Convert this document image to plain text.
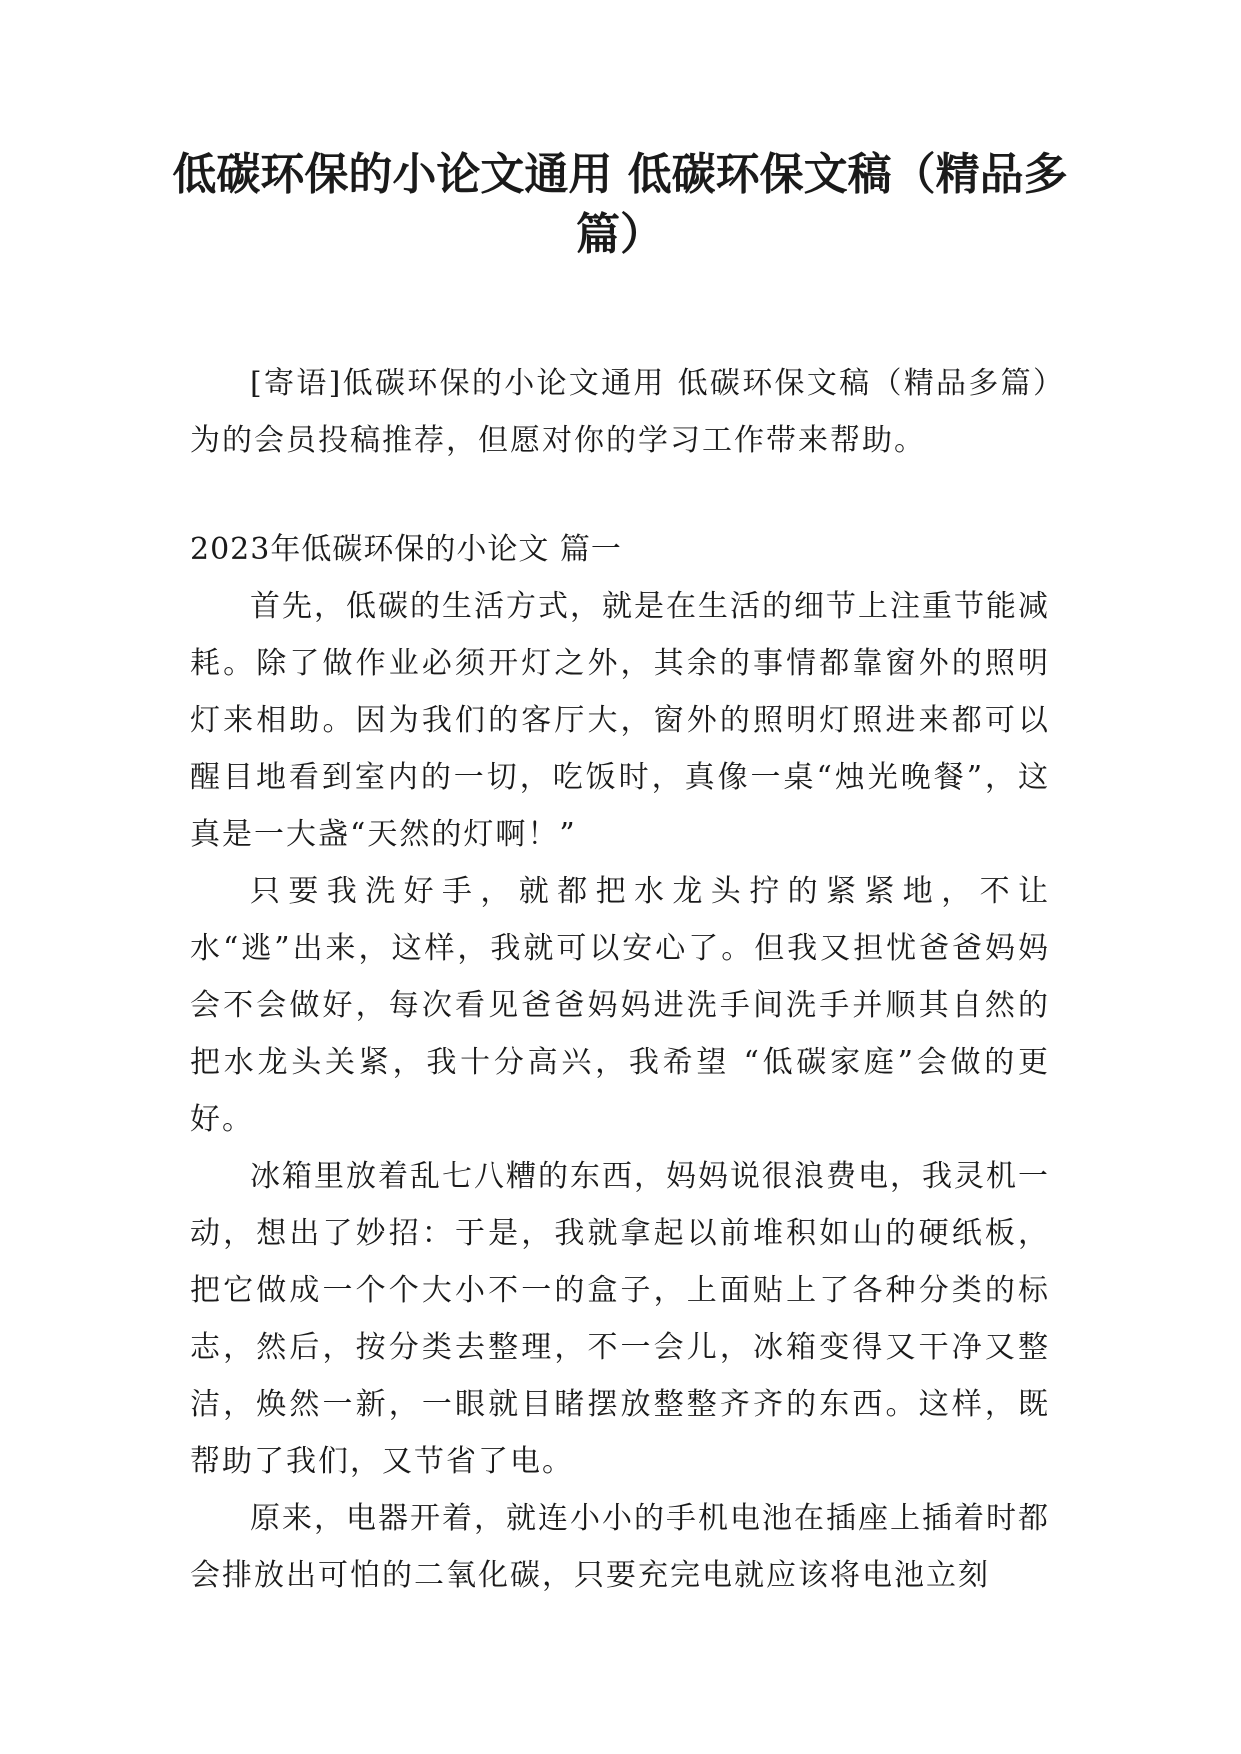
低碳环保的小论文通用 低碳环保文稿（精品多篇）

[寄语]低碳环保的小论文通用 低碳环保文稿（精品多篇）为的会员投稿推荐，但愿对你的学习工作带来帮助。

2023年低碳环保的小论文 篇一

首先，低碳的生活方式，就是在生活的细节上注重节能减耗。除了做作业必须开灯之外，其余的事情都靠窗外的照明灯来相助。因为我们的客厅大，窗外的照明灯照进来都可以醒目地看到室内的一切，吃饭时，真像一桌“烛光晚餐”，这真是一大盏“天然的灯啊！”

只要我洗好手，就都把水龙头拧的紧紧地，不让水“逃”出来，这样，我就可以安心了。但我又担忧爸爸妈妈会不会做好，每次看见爸爸妈妈进洗手间洗手并顺其自然的把水龙头关紧，我十分高兴，我希望 “低碳家庭”会做的更好。

冰箱里放着乱七八糟的东西，妈妈说很浪费电，我灵机一动，想出了妙招：于是，我就拿起以前堆积如山的硬纸板，把它做成一个个大小不一的盒子，上面贴上了各种分类的标志，然后，按分类去整理，不一会儿，冰箱变得又干净又整洁，焕然一新，一眼就目睹摆放整整齐齐的东西。这样，既帮助了我们，又节省了电。

原来，电器开着，就连小小的手机电池在插座上插着时都会排放出可怕的二氧化碳，只要充完电就应该将电池立刻
